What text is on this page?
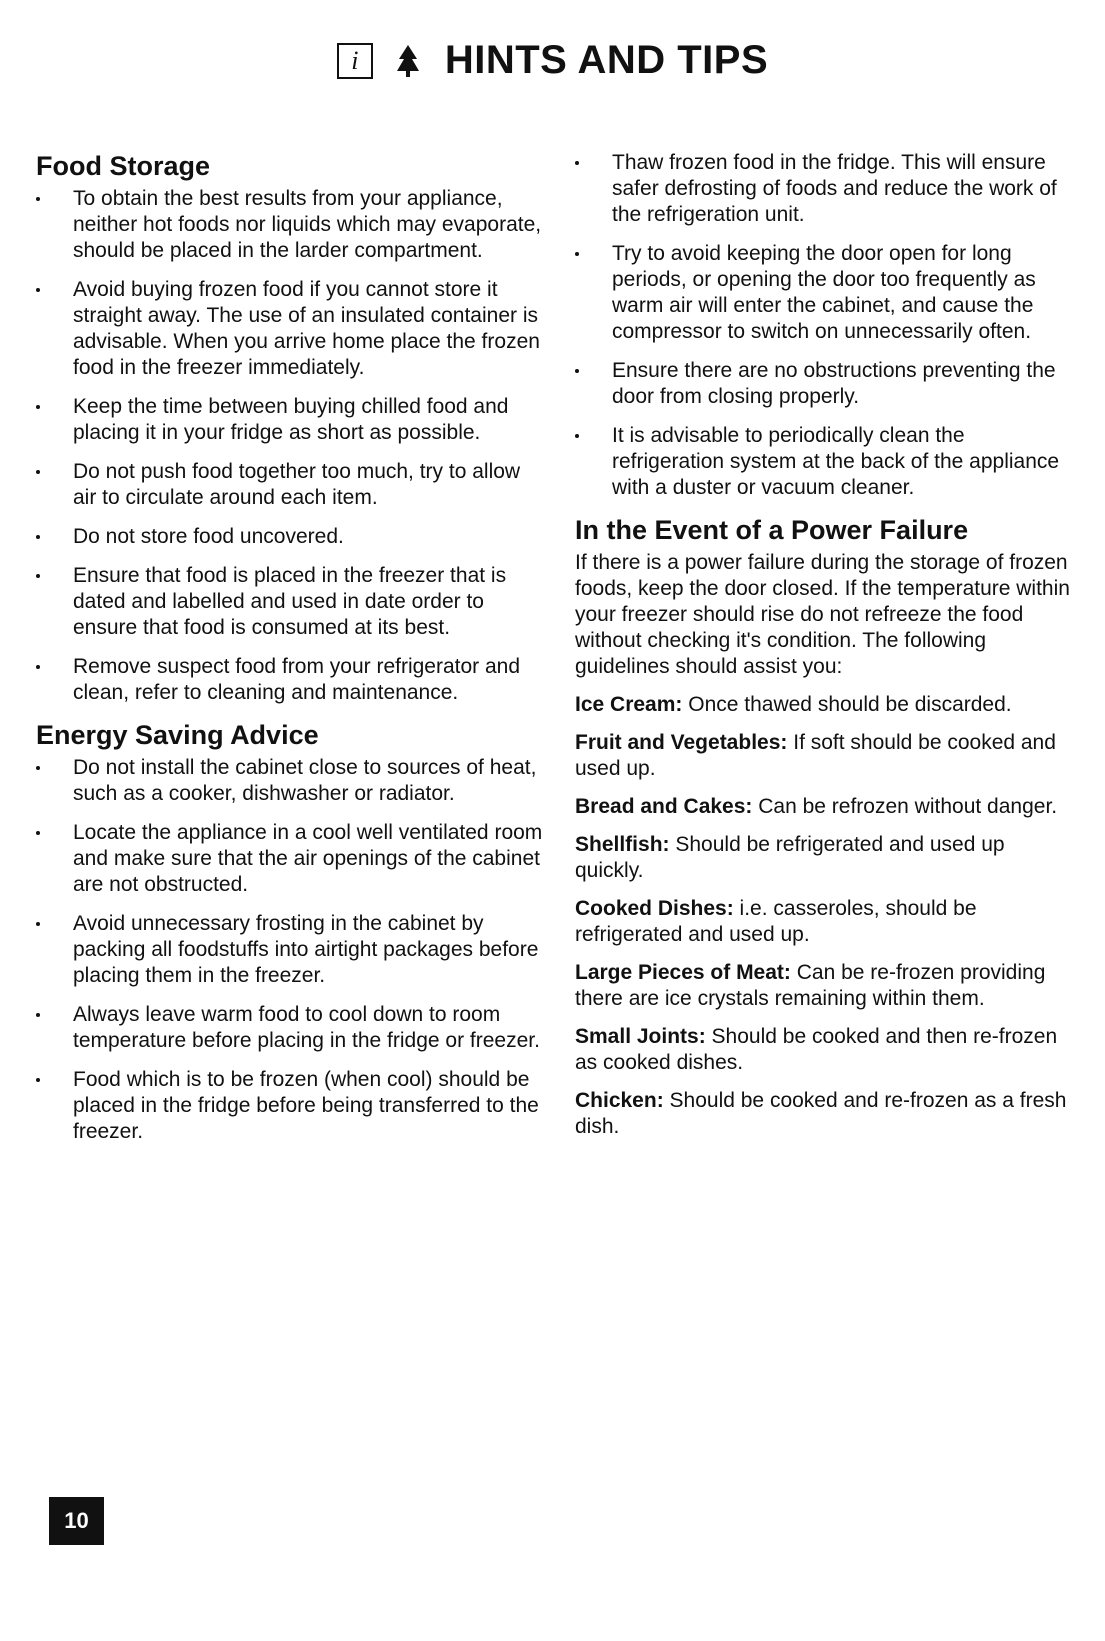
i	HINTS AND TIPS
Food Storage
To obtain the best results from your appliance, neither hot foods nor liquids which may evaporate, should be placed in the larder compartment.
Avoid buying frozen food if you cannot store it straight away. The use of an insulated container is advisable. When you arrive home place the frozen food in the freezer immediately.
Keep the time between buying chilled food and placing it in your fridge as short as possible.
Do not push food together too much, try to allow air to circulate around each item.
Do not store food uncovered.
Ensure that food is placed in the freezer that is dated and labelled and used in date order to ensure that food is consumed at its best.
Remove suspect food from your refrigerator and clean, refer to cleaning and maintenance.
Energy Saving Advice
Do not install the cabinet close to sources of heat, such as a cooker, dishwasher or radiator.
Locate the appliance in a cool well ventilated room and make sure that the air openings of the cabinet are not obstructed.
Avoid unnecessary frosting in the cabinet by packing all foodstuffs into airtight packages before placing them in the freezer.
Always leave warm food to cool down to room temperature before placing in the fridge or freezer.
Food which is to be frozen (when cool) should be placed in the fridge before being transferred to the freezer.
Thaw frozen food in the fridge. This will ensure safer defrosting of foods and reduce the work of the refrigeration unit.
Try to avoid keeping the door open for long periods, or opening the door too frequently as warm air will enter the cabinet, and cause the compressor to switch on unnecessarily often.
Ensure there are no obstructions preventing the door from closing properly.
It is advisable to periodically clean the refrigeration system at the back of the appliance with a duster or vacuum cleaner.
In the Event of a Power Failure

If there is a power failure during the storage of frozen foods, keep the door closed. If the temperature within your freezer should rise do not refreeze the food without checking it's condition. The following guidelines should assist you:

Ice Cream: Once thawed should be discarded.

Fruit and Vegetables: If soft should be cooked and used up.

Bread and Cakes: Can be refrozen without danger.

Shellfish: Should be refrigerated and used up quickly.

Cooked Dishes: i.e. casseroles, should be refrigerated and used up.

Large Pieces of Meat: Can be re-frozen providing there are ice crystals remaining within them.

Small Joints: Should be cooked and then re-frozen as cooked dishes.

Chicken: Should be cooked and re-frozen as a fresh dish.

10
